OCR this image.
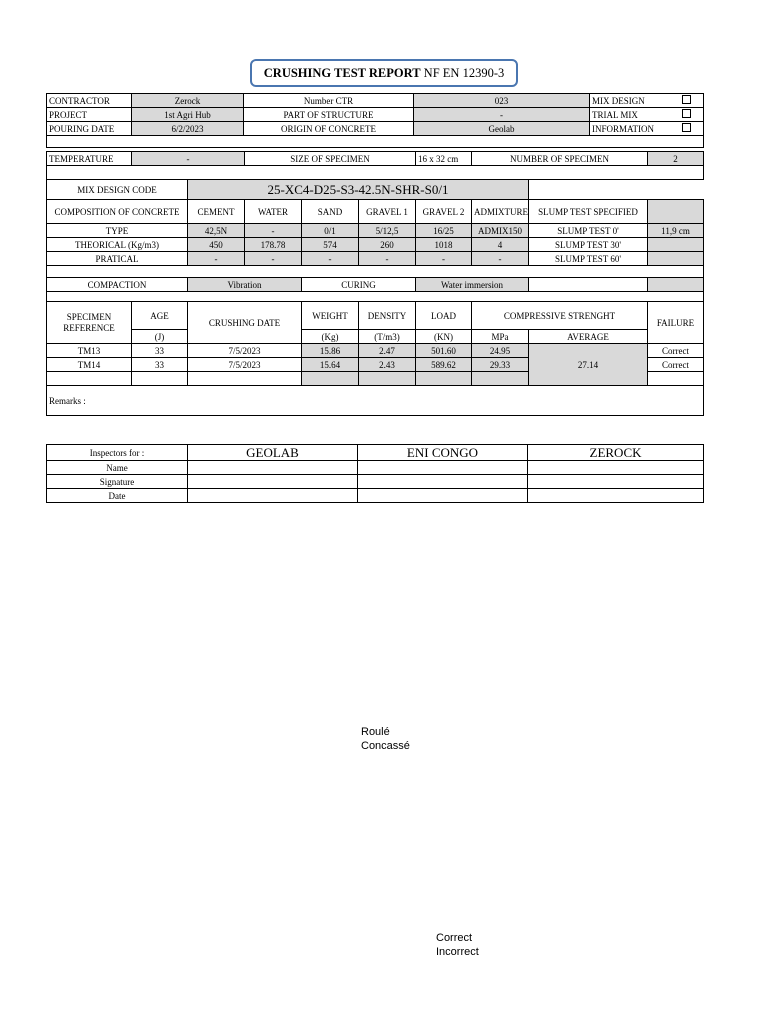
CRUSHING TEST REPORT NF EN 12390-3
CONTRACTOR	Zerock	Number CTR	023	MIX DESIGN

PROJECT	1st Agri Hub	PART OF STRUCTURE	-	TRIAL MIX

POURING DATE	6/2/2023	ORIGIN OF CONCRETE	Geolab	INFORMATION

TEMPERATURE	-		SIZE OF SPECIMEN			16 x 32 cm	NUMBER OF SPECIMEN		2

MIX DESIGN CODE		25-XC4-D25-S3-42.5N-SHR-S0/1							
COMPOSITION OF CONCRETE		CEMENT	WATER	SAND	GRAVEL 1	GRAVEL 2	ADMIXTURE	SLUMP TEST SPECIFIED	
TYPE		42,5N	-	0/1	5/12,5	16/25	ADMIX150	SLUMP TEST 0'	11,9 cm
THEORICAL (Kg/m3)		450	178.78	574	260	1018	4	SLUMP TEST 30'	
PRATICAL		-	-	-	-	-	-	SLUMP TEST 60'	

COMPACTION		Vibration		CURING		Water immersion			

SPECIMEN REFERENCE	AGE	CRUSHING DATE		WEIGHT	DENSITY	LOAD	COMPRESSIVE STRENGHT		FAILURE
	(J)			(Kg)	(T/m3)	(KN)	MPa	AVERAGE	
TM13	33	7/5/2023		15.86	2.47	501.60	24.95	27.14	Correct
TM14	33	7/5/2023		15.64	2.43	589.62	29.33		Correct

Remarks :									
Inspectors for :	GEOLAB	ENI CONGO	ZEROCK
Name			
Signature			
Date			
Roulé
Concassé
Correct
Incorrect
